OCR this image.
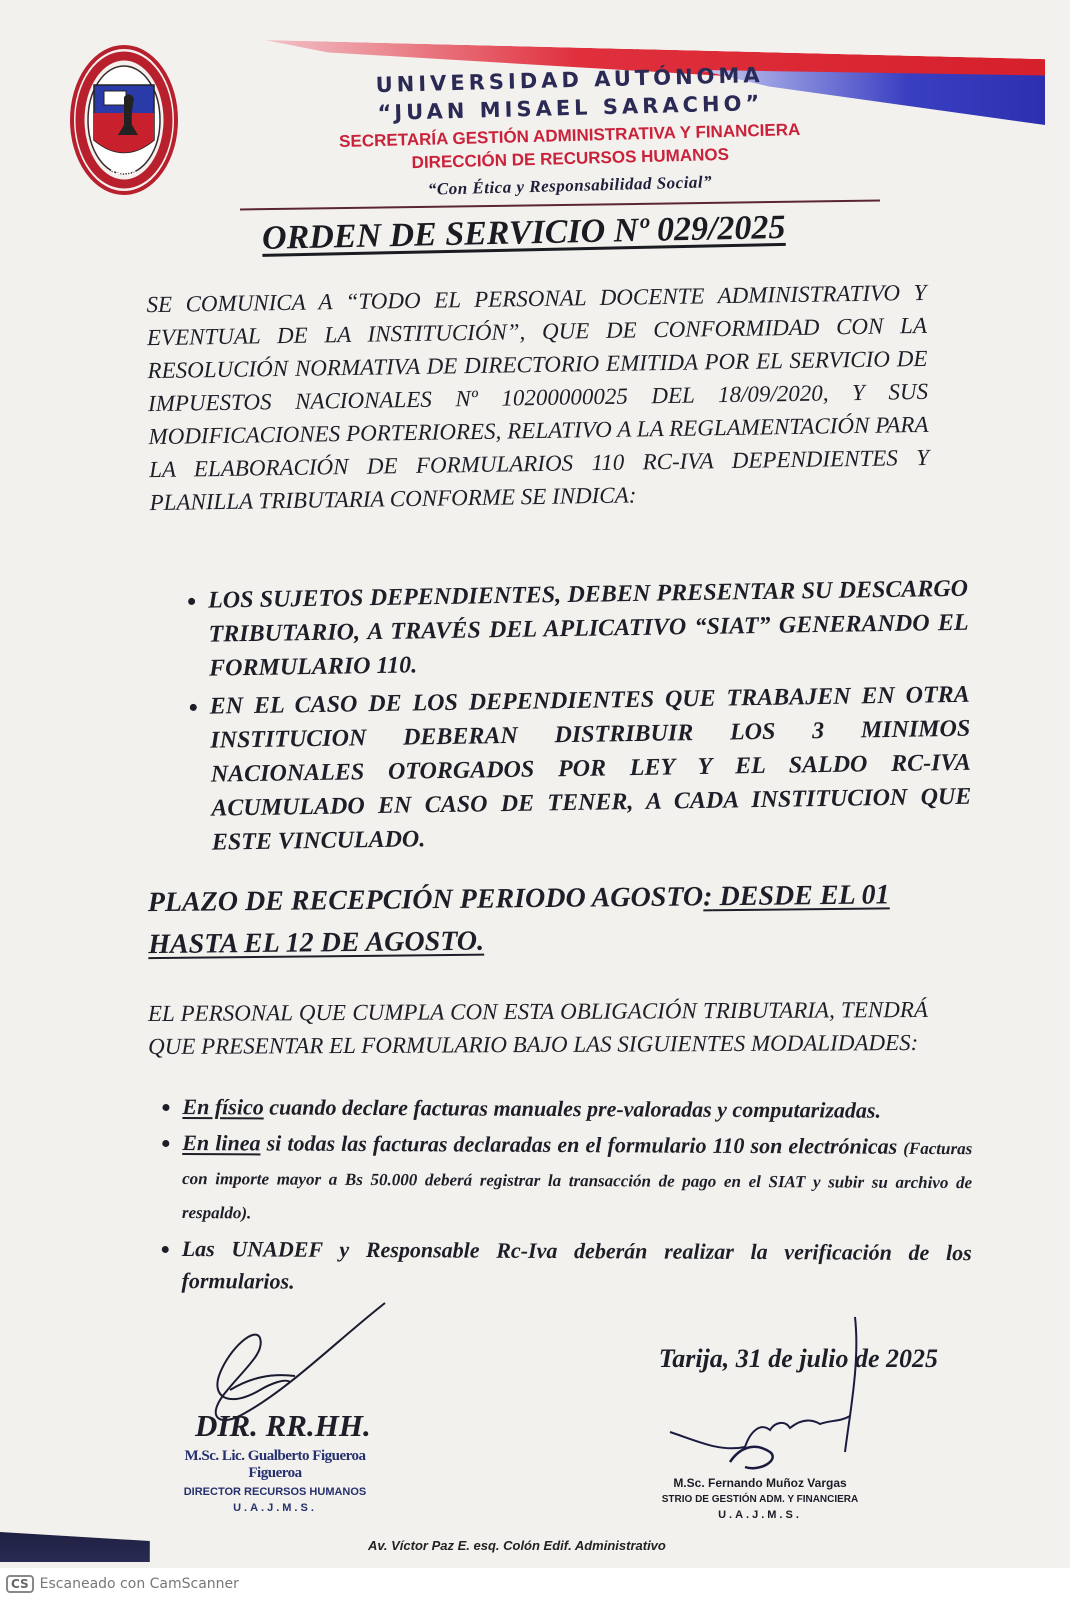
TARIJA
UNIVERSIDAD AUTÓNOMA
“JUAN MISAEL SARACHO”
SECRETARÍA GESTIÓN ADMINISTRATIVA Y FINANCIERA
DIRECCIÓN DE RECURSOS HUMANOS
“Con Ética y Responsabilidad Social”
ORDEN DE SERVICIO Nº 029/2025
SE COMUNICA A “TODO EL PERSONAL DOCENTE ADMINISTRATIVO Y EVENTUAL DE LA INSTITUCIÓN”, QUE DE CONFORMIDAD CON LA RESOLUCIÓN NORMATIVA DE DIRECTORIO EMITIDA POR EL SERVICIO DE IMPUESTOS NACIONALES Nº 10200000025 DEL 18/09/2020, Y SUS MODIFICACIONES PORTERIORES, RELATIVO A LA REGLAMENTACIÓN PARA LA ELABORACIÓN DE FORMULARIOS 110 RC-IVA DEPENDIENTES Y PLANILLA TRIBUTARIA CONFORME SE INDICA:
• LOS SUJETOS DEPENDIENTES, DEBEN PRESENTAR SU DESCARGO TRIBUTARIO, A TRAVÉS DEL APLICATIVO “SIAT” GENERANDO EL FORMULARIO 110.
• EN EL CASO DE LOS DEPENDIENTES QUE TRABAJEN EN OTRA INSTITUCION DEBERAN DISTRIBUIR LOS 3 MINIMOS NACIONALES OTORGADOS POR LEY Y EL SALDO RC-IVA ACUMULADO EN CASO DE TENER, A CADA INSTITUCION QUE ESTE VINCULADO.
PLAZO DE RECEPCIÓN PERIODO AGOSTO: DESDE EL 01 HASTA EL 12 DE AGOSTO.
EL PERSONAL QUE CUMPLA CON ESTA OBLIGACIÓN TRIBUTARIA, TENDRÁ QUE PRESENTAR EL FORMULARIO BAJO LAS SIGUIENTES MODALIDADES:
• En físico cuando declare facturas manuales pre-valoradas y computarizadas.
• En linea si todas las facturas declaradas en el formulario 110 son electrónicas (Facturas con importe mayor a Bs 50.000 deberá registrar la transacción de pago en el SIAT y subir su archivo de respaldo).
• Las UNADEF y Responsable Rc-Iva deberán realizar la verificación de los formularios.
Tarija, 31 de julio de 2025
DIR. RR.HH.
M.Sc. Lic. Gualberto Figueroa Figueroa
DIRECTOR RECURSOS HUMANOS
U.A.J.M.S.
M.Sc. Fernando Muñoz Vargas
STRIO DE GESTIÓN ADM. Y FINANCIERA
U.A.J.M.S.
Av. Víctor Paz E. esq. Colón Edif. Administrativo
CS Escaneado con CamScanner
